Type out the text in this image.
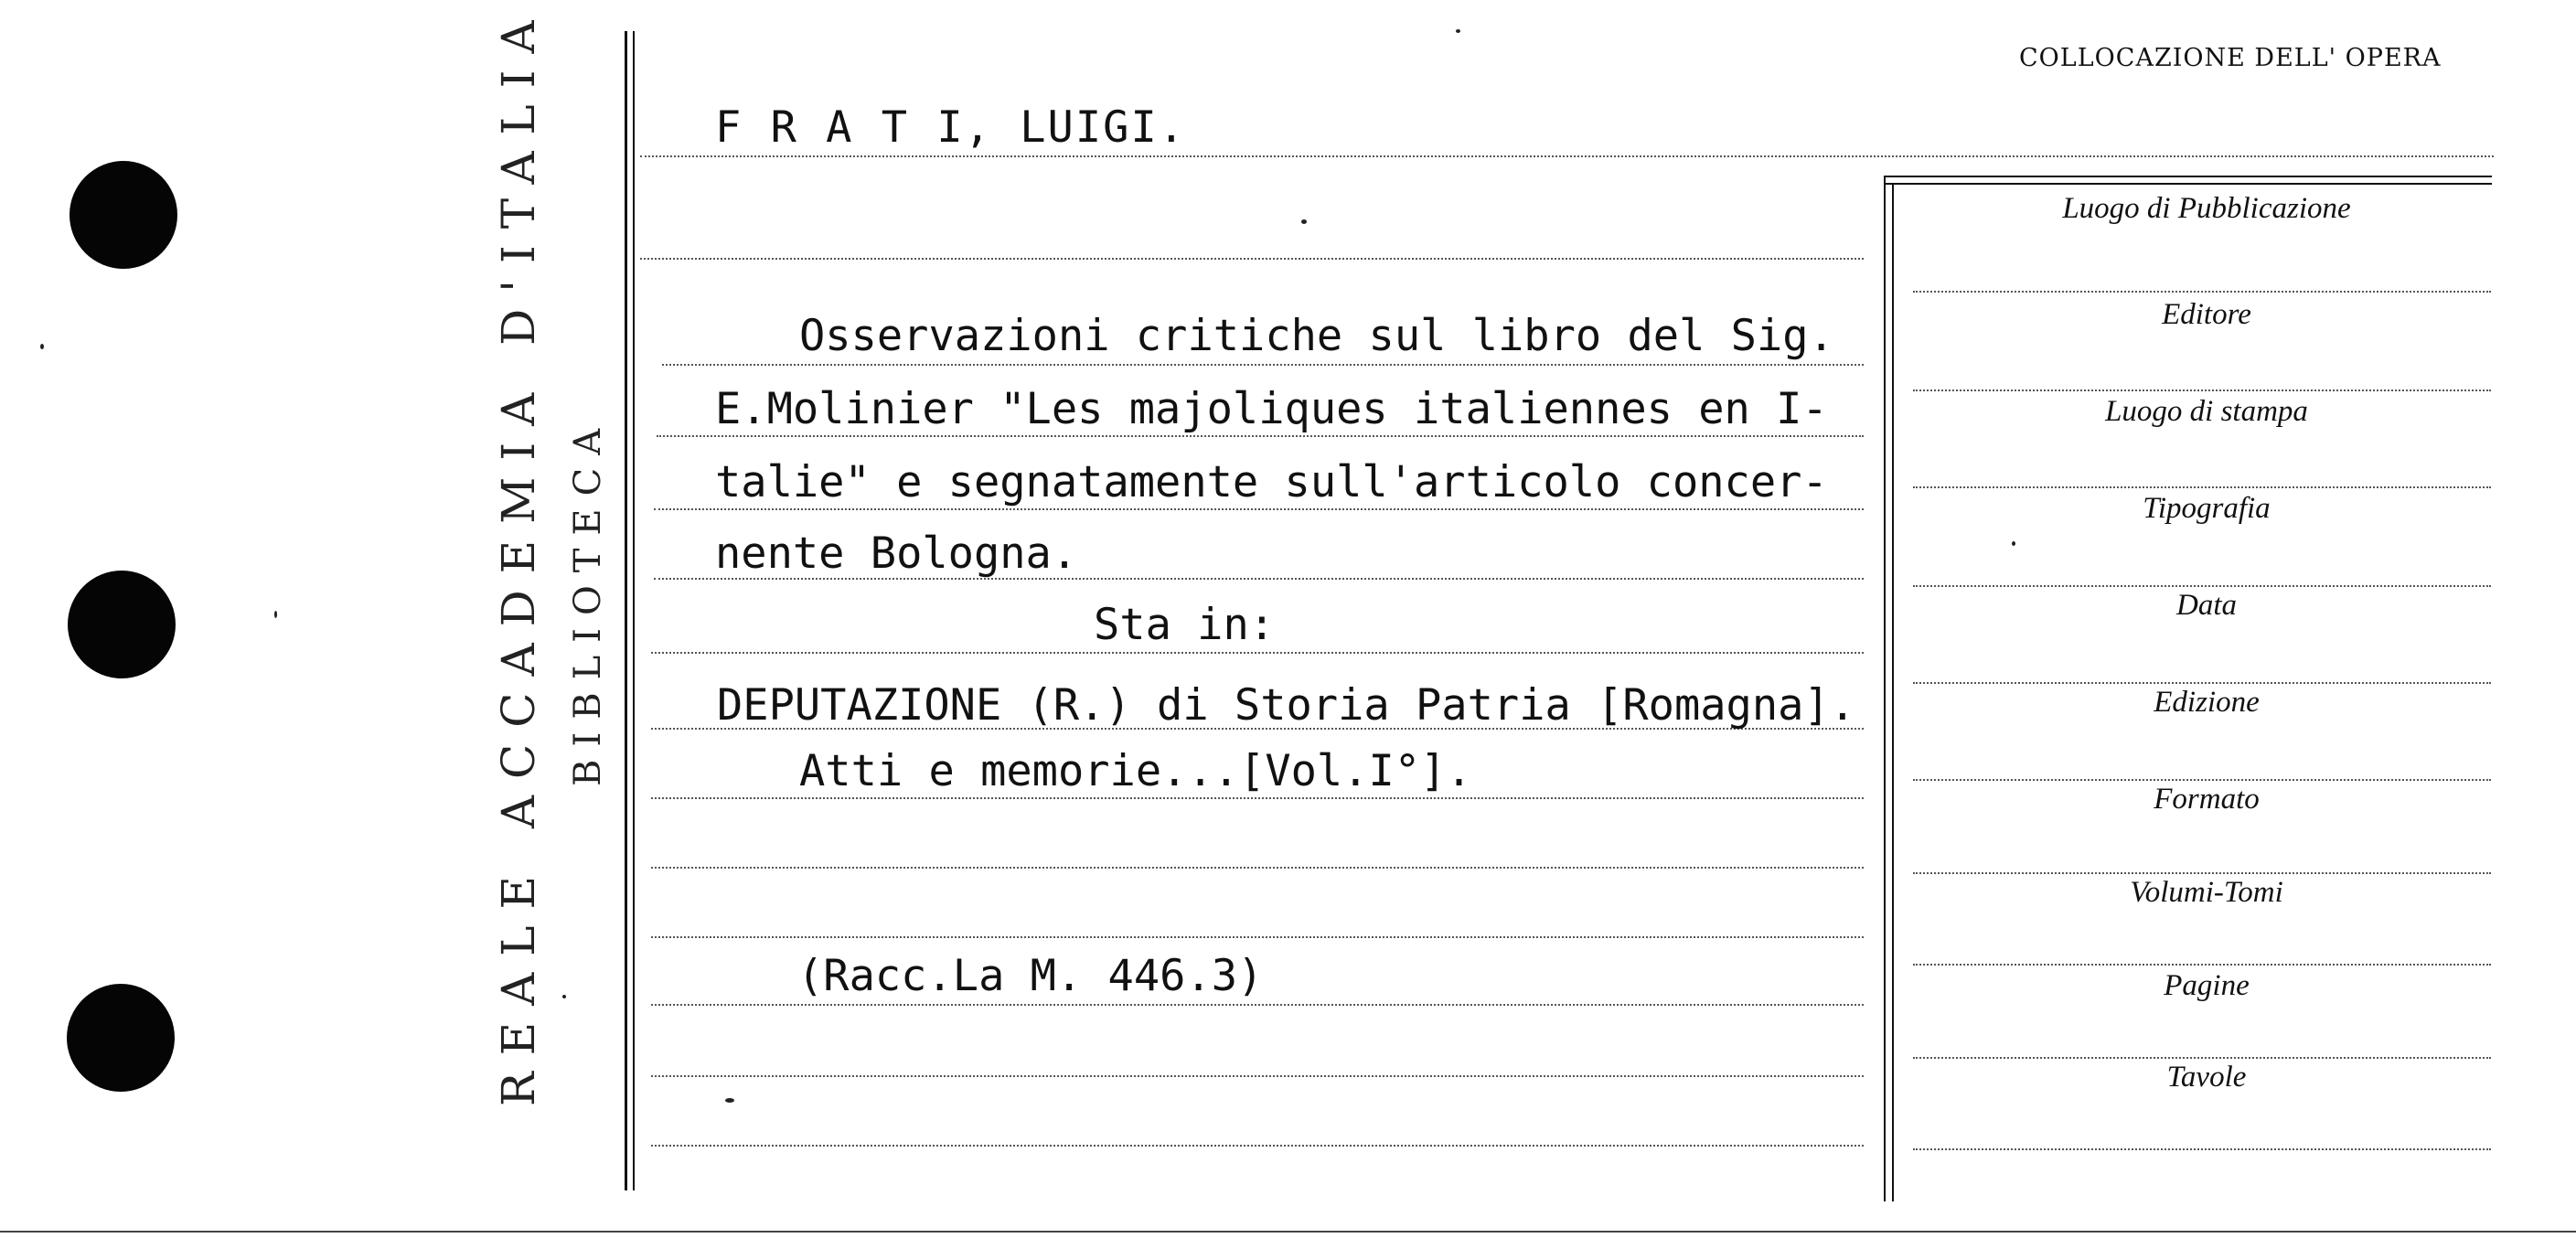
REALE ACCADEMIA D'ITALIA BIBLIOTECA
COLLOCAZIONE DELL' OPERA
F R A T I, LUIGI.
Osservazioni critiche sul libro del Sig.
E.Molinier "Les majoliques italiennes en I-
talie" e segnatamente sull'articolo concer-
nente Bologna.
Sta in:
DEPUTAZIONE (R.) di Storia Patria [Romagna].
Atti e memorie...[Vol.I°].
(Racc.La M. 446.3)
Luogo di Pubblicazione
Editore
Luogo di stampa
Tipografia
Data
Edizione
Formato
Volumi-Tomi
Pagine
Tavole
